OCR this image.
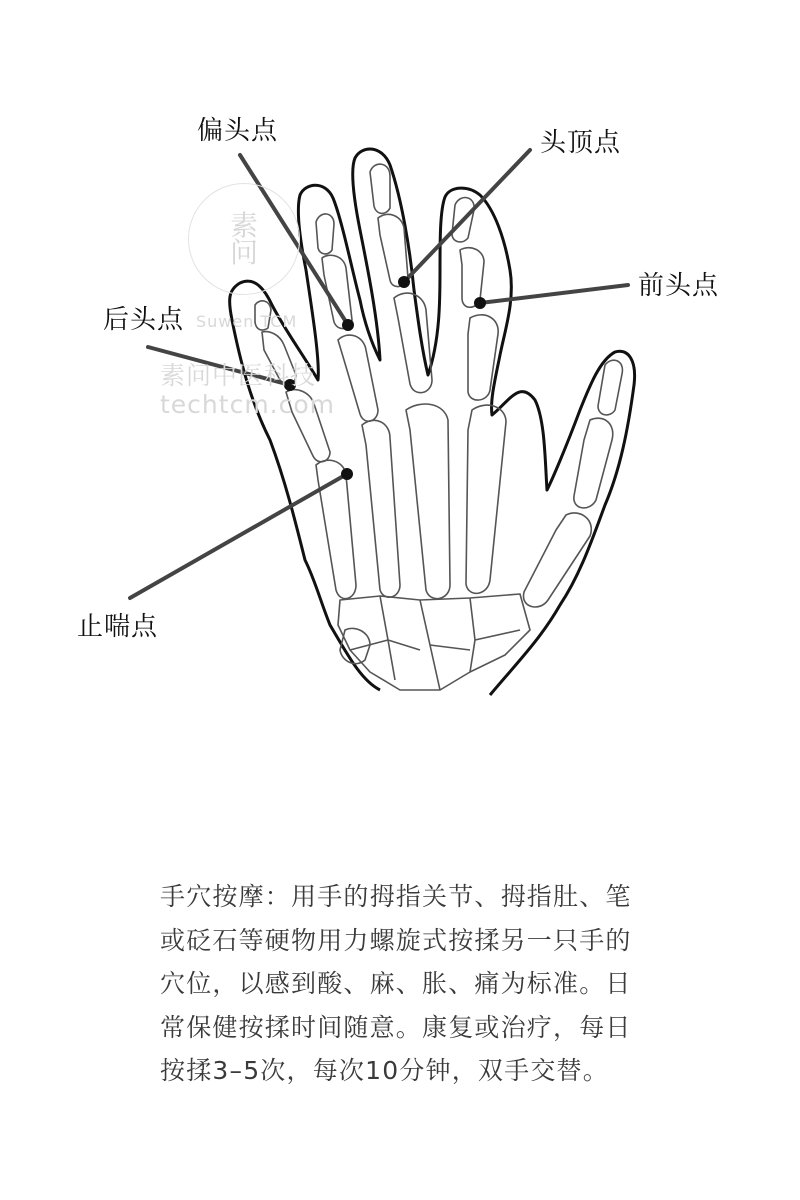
素问
Suwen TCM
素问中医科技
techtcm.com
偏头点	头顶点
前头点
后头点
止喘点
手穴按摩：用手的拇指关节、拇指肚、笔或砭石等硬物用力螺旋式按揉另一只手的穴位，以感到酸、麻、胀、痛为标准。日常保健按揉时间随意。康复或治疗，每日按揉3–5次，每次10分钟，双手交替。
